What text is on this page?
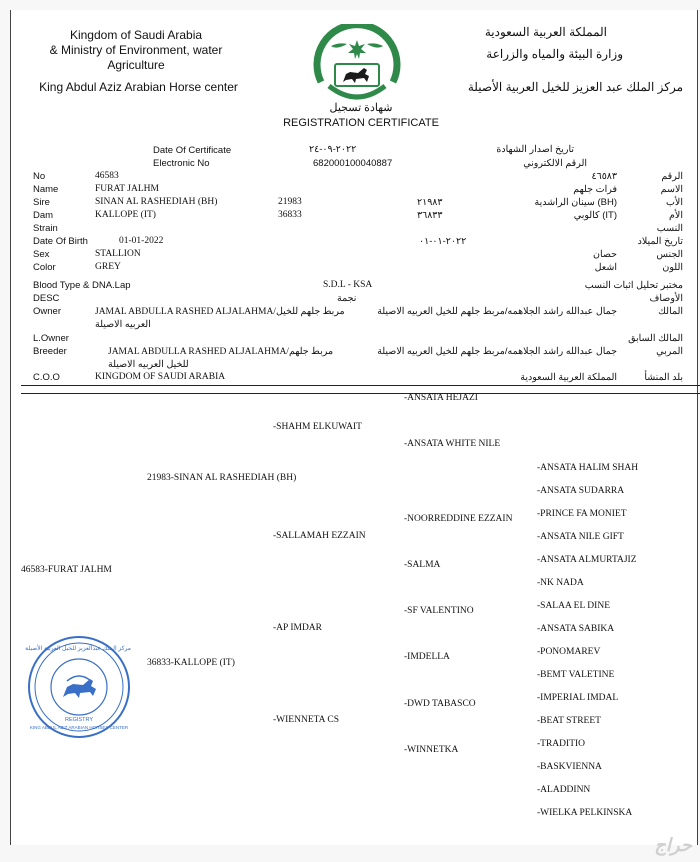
Kingdom of Saudi Arabia
& Ministry of Environment, water
Agriculture
King Abdul Aziz Arabian Horse center
المملكة العربية السعودية
وزارة البيئة والمياه والزراعة
مركز الملك عبد العزيز للخيل العربية الأصيلة
شهادة تسجيل
REGISTRATION CERTIFICATE
Date Of Certificate	٢٠٢٢-٠٩-٢٤	تاريخ اصدار الشهادة
Electronic No	682000100040887	الرقم الالكتروني
No	46583	٤٦٥٨٣	الرقم
Name	FURAT JALHM	فرات جلهم	الاسم
Sire	SINAN AL RASHEDIAH (BH)	21983	٢١٩٨٣	(BH) سينان الراشدية	الأب
Dam	KALLOPE (IT)	36833	٣٦٨٣٣	(IT) كالوبي	الأم
Strain	النسب
Date Of Birth	01-01-2022	٢٠٢٢-٠١-٠١	تاريخ الميلاد
Sex	STALLION	حصان	الجنس
Color	GREY	اشعل	اللون
Blood Type & DNA.Lap	S.D.L - KSA	مختبر تحليل اثبات النسب
DESC	نجمة	الأوصاف
Owner	JAMAL ABDULLA RASHED ALJALAHMA/مربط جلهم للخيل
العربيه الاصيلة
جمال عبدالله راشد الجلاهمه/مربط جلهم للخيل العربيه الاصيلة	المالك
L.Owner	المالك السابق
Breeder	JAMAL ABDULLA RASHED ALJALAHMA/مربط جلهم
للخيل العربيه الاصيلة
جمال عبدالله راشد الجلاهمه/مربط جلهم للخيل العربيه الاصيلة	المربي
C.O.O	KINGDOM OF SAUDI ARABIA	المملكة العربية السعودية	بلد المنشأ
46583-FURAT JALHM
21983-SINAN AL RASHEDIAH (BH)
36833-KALLOPE (IT)
-SHAHM ELKUWAIT
-SALLAMAH EZZAIN
-AP IMDAR
-WIENNETA CS
-ANSATA HEJAZI
-ANSATA WHITE NILE
-NOORREDDINE EZZAIN
-SALMA
-SF VALENTINO
-IMDELLA
-DWD TABASCO
-WINNETKA
-ANSATA HALIM SHAH
-ANSATA SUDARRA
-PRINCE FA MONIET
-ANSATA NILE GIFT
-ANSATA ALMURTAJIZ
-NK NADA
-SALAA EL DINE
-ANSATA SABIKA
-PONOMAREV
-BEMT VALETINE
-IMPERIAL IMDAL
-BEAT STREET
-TRADITIO
-BASKVIENNA
-ALADDINN
-WIELKA PELKINSKA
مركز الملك عبدالعزيز للخيل العربية الأصيلة
REGISTRY
KING ABDUL AZIZ ARABIAN HORSES CENTER
حراج
